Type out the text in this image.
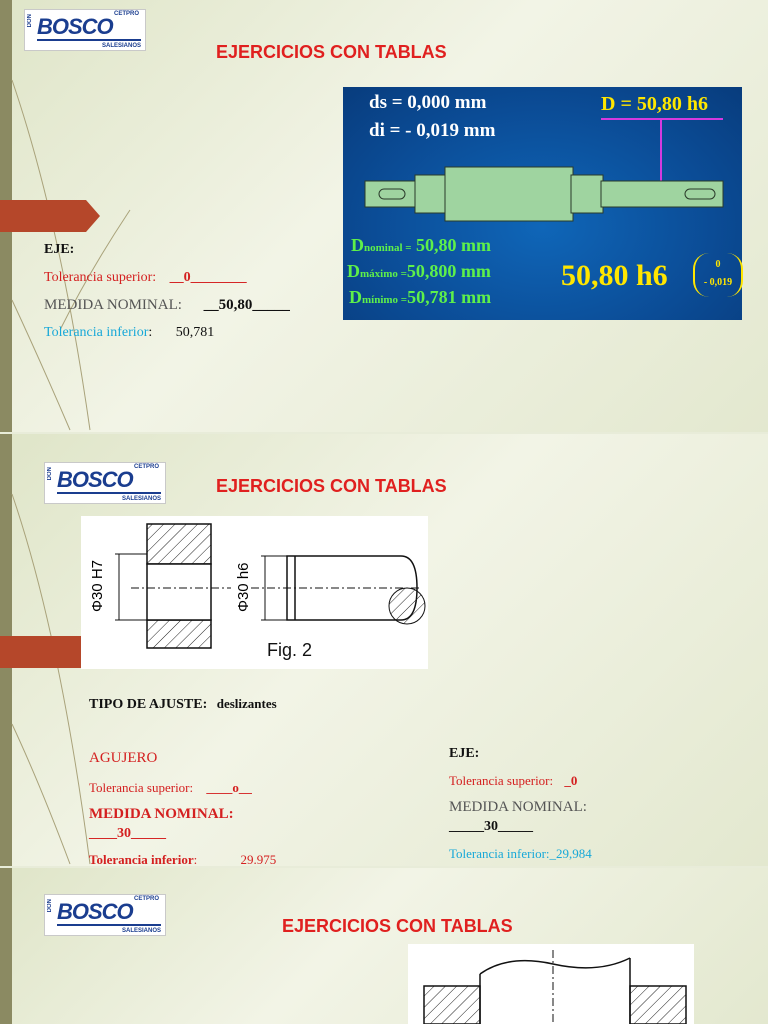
DON BOSCO CETPRO
SALESIANOS	EJERCICIOS CON TABLAS
EJE:
Tolerancia superior: __0________
MEDIDA NOMINAL: __50,80_____
Tolerancia inferior: 50,781
ds = 0,000 mm
di = - 0,019 mm
D = 50,80 h6
Dnominal = 50,80 mm
Dmáximo =50,800 mm
Dmínimo =50,781 mm
50,80 h6	0
- 0,019
DON BOSCO CETPRO
SALESIANOS
EJERCICIOS CON TABLAS
Φ30 H7	Φ30 h6
Fig. 2
TIPO DE AJUSTE: deslizantes
AGUJERO
Tolerancia superior: ____o__
MEDIDA NOMINAL:
____30_____
Tolerancia inferior:	29.975
EJE:
Tolerancia superior: _0
MEDIDA NOMINAL:
_____30_____
Tolerancia inferior:_29,984
DON BOSCO CETPRO
SALESIANOS	EJERCICIOS CON TABLAS
